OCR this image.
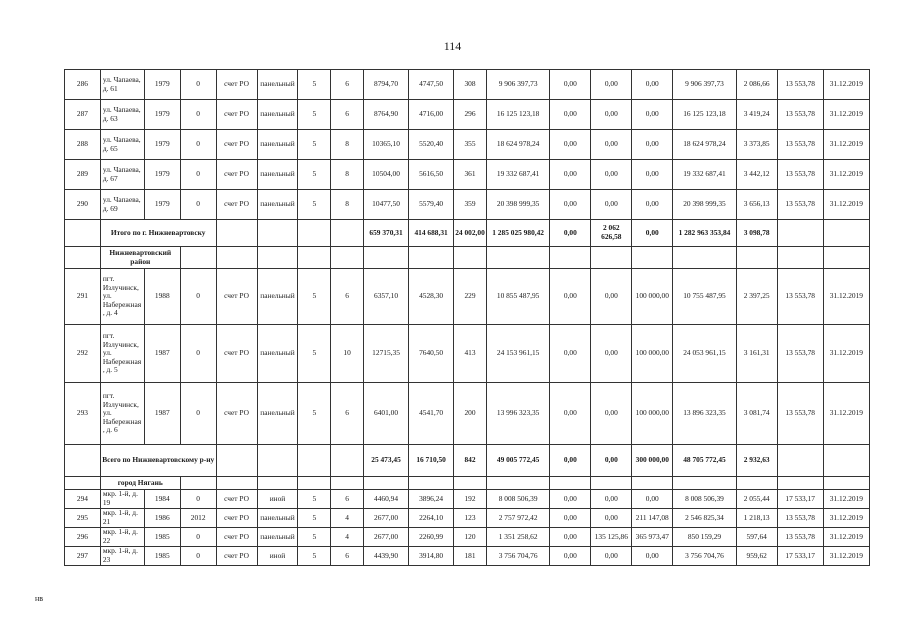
114
286	ул. Чапаева, д. 61	1979	0	счет РО	панельный	5	6	8794,70	4747,50	308	9 906 397,73	0,00	0,00	0,00	9 906 397,73	2 086,66	13 553,78	31.12.2019
287	ул. Чапаева, д. 63	1979	0	счет РО	панельный	5	6	8764,90	4716,00	296	16 125 123,18	0,00	0,00	0,00	16 125 123,18	3 419,24	13 553,78	31.12.2019
288	ул. Чапаева, д. 65	1979	0	счет РО	панельный	5	8	10365,10	5520,40	355	18 624 978,24	0,00	0,00	0,00	18 624 978,24	3 373,85	13 553,78	31.12.2019
289	ул. Чапаева, д. 67	1979	0	счет РО	панельный	5	8	10504,00	5616,50	361	19 332 687,41	0,00	0,00	0,00	19 332 687,41	3 442,12	13 553,78	31.12.2019
290	ул. Чапаева, д. 69	1979	0	счет РО	панельный	5	8	10477,50	5579,40	359	20 398 999,35	0,00	0,00	0,00	20 398 999,35	3 656,13	13 553,78	31.12.2019
	Итого по г. Нижневартовску							659 370,31	414 688,31	24 002,00	1 285 025 980,42	0,00	2 062 626,58	0,00	1 282 963 353,84	3 098,78		
	Нижневартовский район																	
291	пгт. Излучинск, ул. Набережная, д. 4	1988	0	счет РО	панельный	5	6	6357,10	4528,30	229	10 855 487,95	0,00	0,00	100 000,00	10 755 487,95	2 397,25	13 553,78	31.12.2019
292	пгт. Излучинск, ул. Набережная, д. 5	1987	0	счет РО	панельный	5	10	12715,35	7640,50	413	24 153 961,15	0,00	0,00	100 000,00	24 053 961,15	3 161,31	13 553,78	31.12.2019
293	пгт. Излучинск, ул. Набережная, д. 6	1987	0	счет РО	панельный	5	6	6401,00	4541,70	200	13 996 323,35	0,00	0,00	100 000,00	13 896 323,35	3 081,74	13 553,78	31.12.2019
	Всего по Нижневартовскому р-ну							25 473,45	16 710,50	842	49 005 772,45	0,00	0,00	300 000,00	48 705 772,45	2 932,63		
	город Нягань																	
294	мкр. 1-й, д. 19	1984	0	счет РО	иной	5	6	4460,94	3896,24	192	8 008 506,39	0,00	0,00	0,00	8 008 506,39	2 055,44	17 533,17	31.12.2019
295	мкр. 1-й, д. 21	1986	2012	счет РО	панельный	5	4	2677,00	2264,10	123	2 757 972,42	0,00	0,00	211 147,08	2 546 825,34	1 218,13	13 553,78	31.12.2019
296	мкр. 1-й, д. 22	1985	0	счет РО	панельный	5	4	2677,00	2260,99	120	1 351 258,62	0,00	135 125,86	365 973,47	850 159,29	597,64	13 553,78	31.12.2019
297	мкр. 1-й, д. 23	1985	0	счет РО	иной	5	6	4439,90	3914,80	181	3 756 704,76	0,00	0,00	0,00	3 756 704,76	959,62	17 533,17	31.12.2019
нв
